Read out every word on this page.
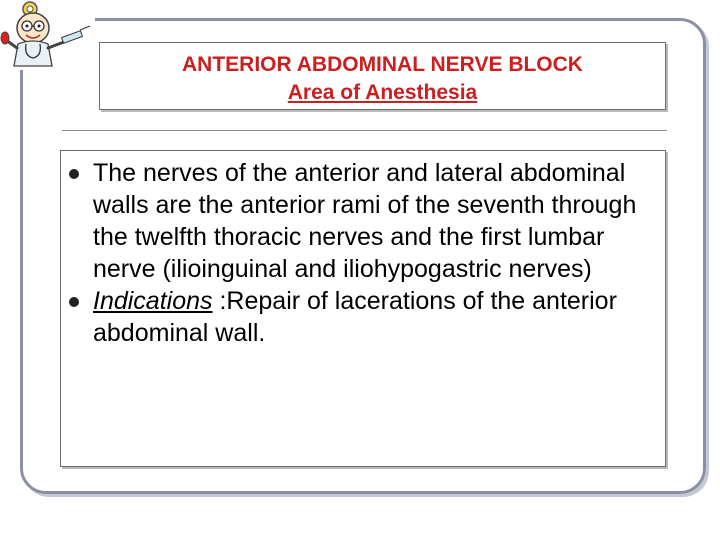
ANTERIOR ABDOMINAL NERVE BLOCK
Area of Anesthesia
The nerves of the anterior and lateral abdominal walls are the anterior rami of the seventh through the twelfth thoracic nerves and the first lumbar nerve (ilioinguinal and iliohypogastric nerves)
Indications :Repair of lacerations of the anterior abdominal wall.
